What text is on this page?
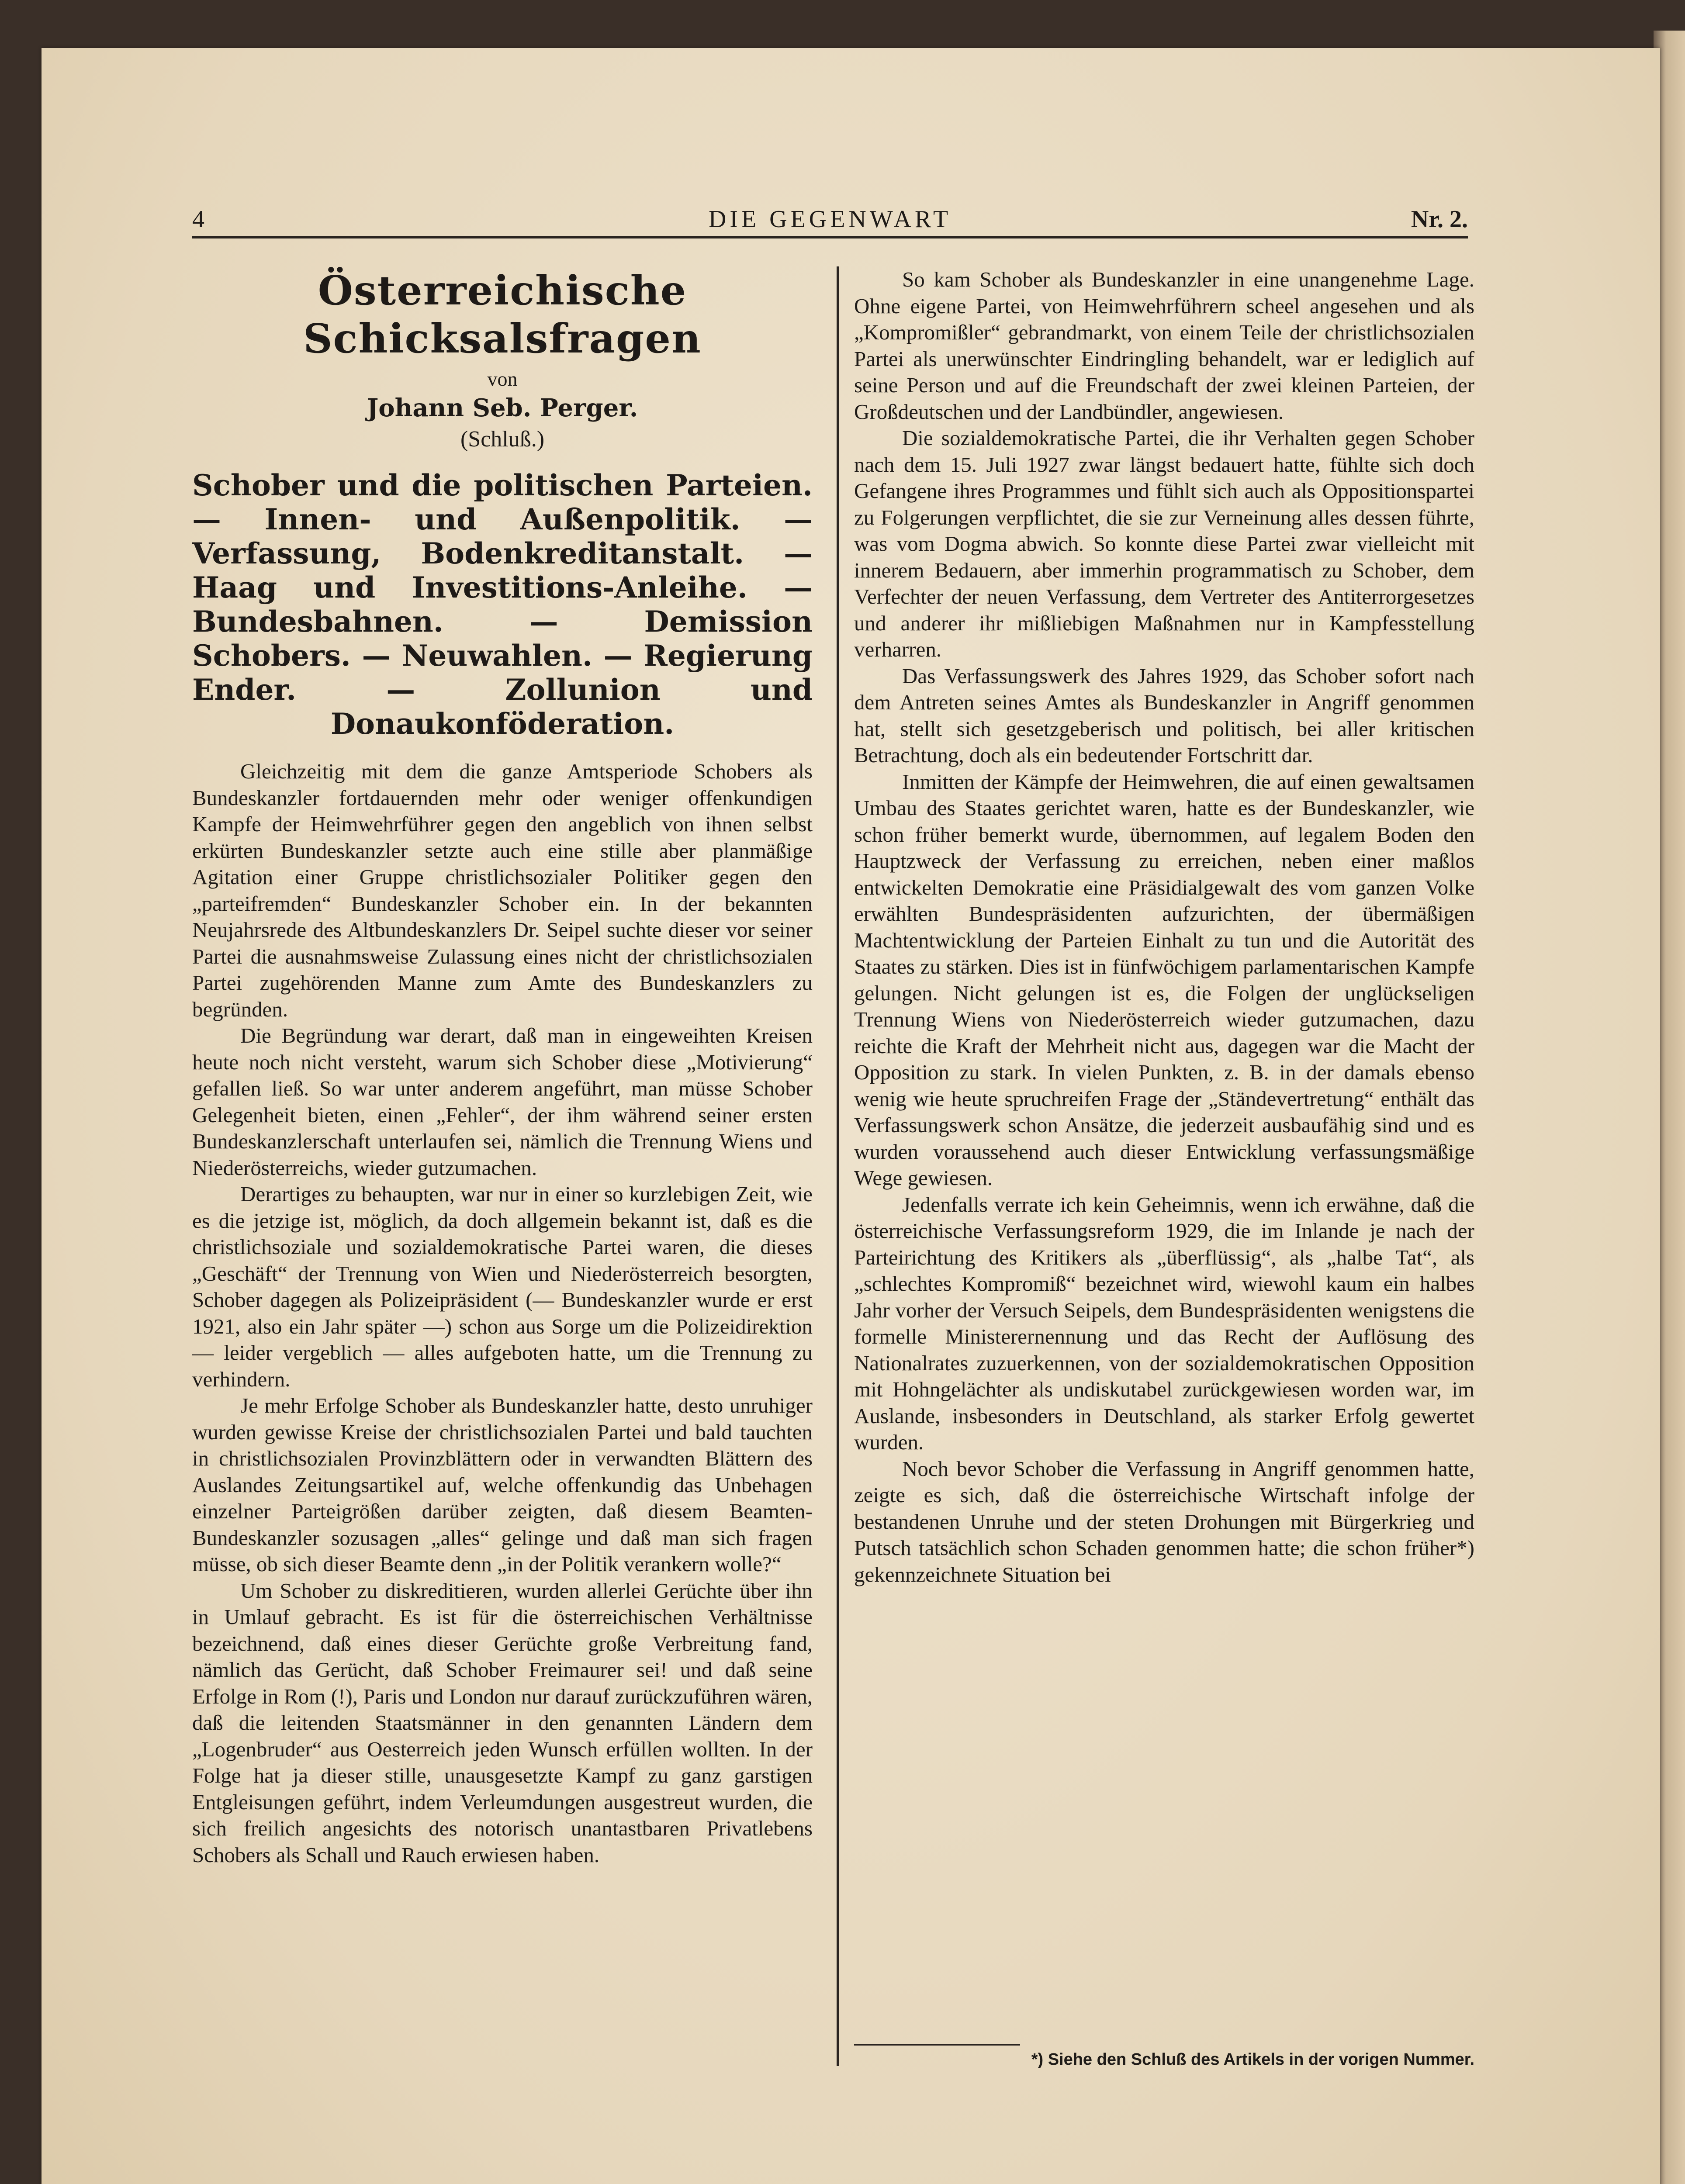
4	DIE GEGENWART	Nr. 2.
Österreichische Schicksalsfragen
von
Johann Seb. Perger.
(Schluß.)

Schober und die politischen Parteien. — Innen- und Außenpolitik. — Verfassung, Bodenkreditanstalt. — Haag und Investitions-Anleihe. — Bundesbahnen. — Demission Schobers. — Neuwahlen. — Regierung Ender. — Zollunion und Donaukonföderation.

Gleichzeitig mit dem die ganze Amtsperiode Schobers als Bundeskanzler fortdauernden mehr oder weniger offenkundigen Kampfe der Heimwehrführer gegen den angeblich von ihnen selbst erkürten Bundeskanzler setzte auch eine stille aber planmäßige Agitation einer Gruppe christlichsozialer Politiker gegen den „parteifremden“ Bundeskanzler Schober ein. In der bekannten Neujahrsrede des Altbundeskanzlers Dr. Seipel suchte dieser vor seiner Partei die ausnahmsweise Zulassung eines nicht der christlichsozialen Partei zugehörenden Manne zum Amte des Bundeskanzlers zu begründen.

Die Begründung war derart, daß man in eingeweihten Kreisen heute noch nicht versteht, warum sich Schober diese „Motivierung“ gefallen ließ. So war unter anderem angeführt, man müsse Schober Gelegenheit bieten, einen „Fehler“, der ihm während seiner ersten Bundeskanzlerschaft unterlaufen sei, nämlich die Trennung Wiens und Niederösterreichs, wieder gutzumachen.

Derartiges zu behaupten, war nur in einer so kurzlebigen Zeit, wie es die jetzige ist, möglich, da doch allgemein bekannt ist, daß es die christlichsoziale und sozialdemokratische Partei waren, die dieses „Geschäft“ der Trennung von Wien und Niederösterreich besorgten, Schober dagegen als Polizeipräsident (— Bundeskanzler wurde er erst 1921, also ein Jahr später —) schon aus Sorge um die Polizeidirektion — leider vergeblich — alles aufgeboten hatte, um die Trennung zu verhindern.

Je mehr Erfolge Schober als Bundeskanzler hatte, desto unruhiger wurden gewisse Kreise der christlichsozialen Partei und bald tauchten in christlichsozialen Provinzblättern oder in verwandten Blättern des Auslandes Zeitungsartikel auf, welche offenkundig das Unbehagen einzelner Parteigrößen darüber zeigten, daß diesem Beamten-Bundeskanzler sozusagen „alles“ gelinge und daß man sich fragen müsse, ob sich dieser Beamte denn „in der Politik verankern wolle?“

Um Schober zu diskreditieren, wurden allerlei Gerüchte über ihn in Umlauf gebracht. Es ist für die österreichischen Verhältnisse bezeichnend, daß eines dieser Gerüchte große Verbreitung fand, nämlich das Gerücht, daß Schober Freimaurer sei! und daß seine Erfolge in Rom (!), Paris und London nur darauf zurückzuführen wären, daß die leitenden Staatsmänner in den genannten Ländern dem „Logenbruder“ aus Oesterreich jeden Wunsch erfüllen wollten. In der Folge hat ja dieser stille, unausgesetzte Kampf zu ganz garstigen Entgleisungen geführt, indem Verleumdungen ausgestreut wurden, die sich freilich angesichts des notorisch unantastbaren Privatlebens Schobers als Schall und Rauch erwiesen haben.

So kam Schober als Bundeskanzler in eine unangenehme Lage. Ohne eigene Partei, von Heimwehrführern scheel angesehen und als „Kompromißler“ gebrandmarkt, von einem Teile der christlichsozialen Partei als unerwünschter Eindringling behandelt, war er lediglich auf seine Person und auf die Freundschaft der zwei kleinen Parteien, der Großdeutschen und der Landbündler, angewiesen.

Die sozialdemokratische Partei, die ihr Verhalten gegen Schober nach dem 15. Juli 1927 zwar längst bedauert hatte, fühlte sich doch Gefangene ihres Programmes und fühlt sich auch als Oppositionspartei zu Folgerungen verpflichtet, die sie zur Verneinung alles dessen führte, was vom Dogma abwich. So konnte diese Partei zwar vielleicht mit innerem Bedauern, aber immerhin programmatisch zu Schober, dem Verfechter der neuen Verfassung, dem Vertreter des Antiterrorgesetzes und anderer ihr mißliebigen Maßnahmen nur in Kampfesstellung verharren.

Das Verfassungswerk des Jahres 1929, das Schober sofort nach dem Antreten seines Amtes als Bundeskanzler in Angriff genommen hat, stellt sich gesetzgeberisch und politisch, bei aller kritischen Betrachtung, doch als ein bedeutender Fortschritt dar.

Inmitten der Kämpfe der Heimwehren, die auf einen gewaltsamen Umbau des Staates gerichtet waren, hatte es der Bundeskanzler, wie schon früher bemerkt wurde, übernommen, auf legalem Boden den Hauptzweck der Verfassung zu erreichen, neben einer maßlos entwickelten Demokratie eine Präsidialgewalt des vom ganzen Volke erwählten Bundespräsidenten aufzurichten, der übermäßigen Machtentwicklung der Parteien Einhalt zu tun und die Autorität des Staates zu stärken. Dies ist in fünfwöchigem parlamentarischen Kampfe gelungen. Nicht gelungen ist es, die Folgen der unglückseligen Trennung Wiens von Niederösterreich wieder gutzumachen, dazu reichte die Kraft der Mehrheit nicht aus, dagegen war die Macht der Opposition zu stark. In vielen Punkten, z. B. in der damals ebenso wenig wie heute spruchreifen Frage der „Ständevertretung“ enthält das Verfassungswerk schon Ansätze, die jederzeit ausbaufähig sind und es wurden voraussehend auch dieser Entwicklung verfassungsmäßige Wege gewiesen.

Jedenfalls verrate ich kein Geheimnis, wenn ich erwähne, daß die österreichische Verfassungsreform 1929, die im Inlande je nach der Parteirichtung des Kritikers als „überflüssig“, als „halbe Tat“, als „schlechtes Kompromiß“ bezeichnet wird, wiewohl kaum ein halbes Jahr vorher der Versuch Seipels, dem Bundespräsidenten wenigstens die formelle Ministerernennung und das Recht der Auflösung des Nationalrates zuzuerkennen, von der sozialdemokratischen Opposition mit Hohngelächter als undiskutabel zurückgewiesen worden war, im Auslande, insbesonders in Deutschland, als starker Erfolg gewertet wurden.

Noch bevor Schober die Verfassung in Angriff genommen hatte, zeigte es sich, daß die österreichische Wirtschaft infolge der bestandenen Unruhe und der steten Drohungen mit Bürgerkrieg und Putsch tatsächlich schon Schaden genommen hatte; die schon früher*) gekennzeichnete Situation bei

*) Siehe den Schluß des Artikels in der vorigen Nummer.
